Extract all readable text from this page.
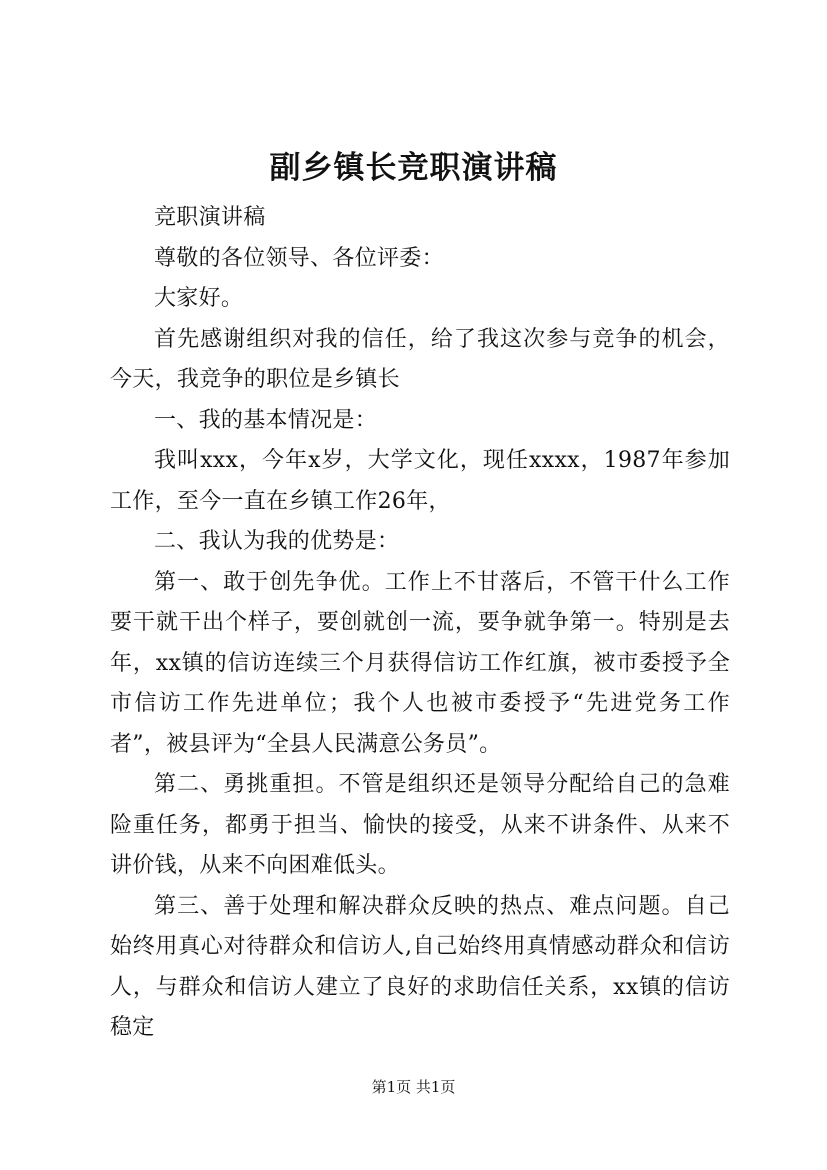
副乡镇长竞职演讲稿

竞职演讲稿

尊敬的各位领导、各位评委：

大家好。

首先感谢组织对我的信任，给了我这次参与竞争的机会，今天，我竞争的职位是乡镇长

一、我的基本情况是：

我叫xxx，今年x岁，大学文化，现任xxxx，1987年参加工作，至今一直在乡镇工作26年，

二、我认为我的优势是：

第一、敢于创先争优。工作上不甘落后，不管干什么工作要干就干出个样子，要创就创一流，要争就争第一。特别是去年，xx镇的信访连续三个月获得信访工作红旗，被市委授予全市信访工作先进单位；我个人也被市委授予“先进党务工作者”，被县评为“全县人民满意公务员”。

第二、勇挑重担。不管是组织还是领导分配给自己的急难险重任务，都勇于担当、愉快的接受，从来不讲条件、从来不讲价钱，从来不向困难低头。

第三、善于处理和解决群众反映的热点、难点问题。自己始终用真心对待群众和信访人,自己始终用真情感动群众和信访人，与群众和信访人建立了良好的求助信任关系，xx镇的信访稳定

第1页 共1页
